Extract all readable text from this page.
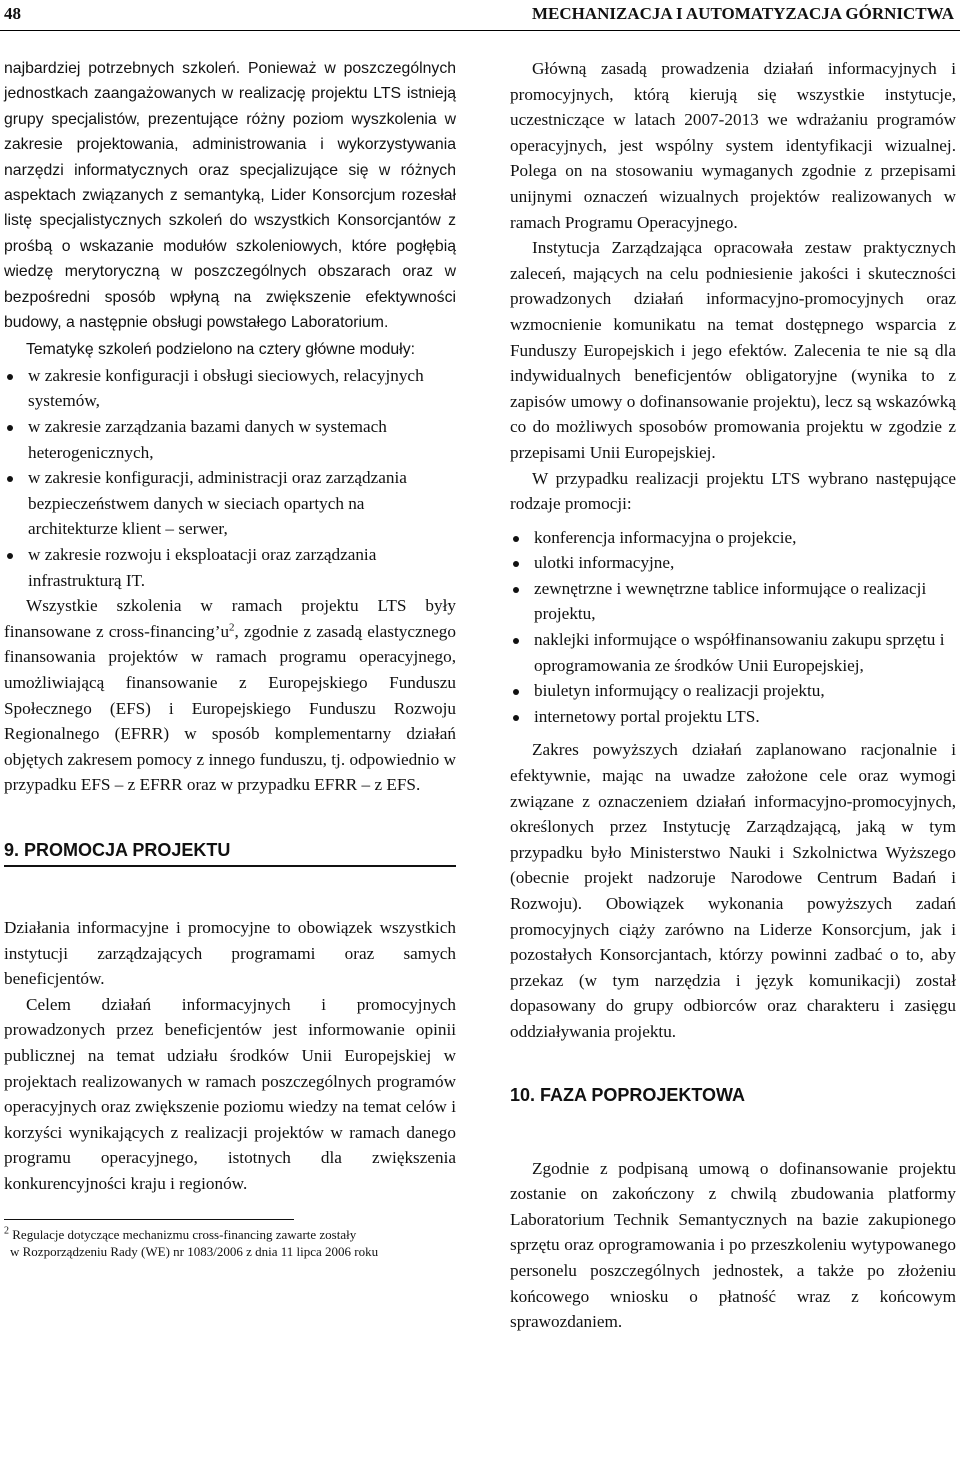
48	MECHANIZACJA I AUTOMATYZACJA GÓRNICTWA

najbardziej potrzebnych szkoleń. Ponieważ w poszczególnych jednostkach zaangażowanych w realizację projektu LTS istnieją grupy specjalistów, prezentujące różny poziom wyszkolenia w zakresie projektowania, administrowania i wykorzystywania narzędzi informatycznych oraz specjalizujące się w różnych aspektach związanych z semantyką, Lider Konsorcjum rozesłał listę specjalistycznych szkoleń do wszystkich Konsorcjantów z prośbą o wskazanie modułów szkoleniowych, które pogłębią wiedzę merytoryczną w poszczególnych obszarach oraz w bezpośredni sposób wpłyną na zwiększenie efektywności budowy, a następnie obsługi powstałego Laboratorium.

Tematykę szkoleń podzielono na cztery główne moduły:

w zakresie konfiguracji i obsługi sieciowych, relacyjnych systemów,
w zakresie zarządzania bazami danych w systemach heterogenicznych,
w zakresie konfiguracji, administracji oraz zarządzania bezpieczeństwem danych w sieciach opartych na architekturze klient – serwer,
w zakresie rozwoju i eksploatacji oraz zarządzania infrastrukturą IT.

Wszystkie szkolenia w ramach projektu LTS były finansowane z cross-$financing’u^2$, zgodnie z zasadą elastycznego finansowania projektów w ramach programu operacyjnego, umożliwiającą finansowanie z Europejskiego Funduszu Społecznego (EFS) i Europejskiego Funduszu Rozwoju Regionalnego (EFRR) w sposób komplementarny działań objętych zakresem pomocy z innego funduszu, tj. odpowiednio w przypadku EFS – z EFRR oraz w przypadku EFRR – z EFS.

9. PROMOCJA PROJEKTU

Działania informacyjne i promocyjne to obowiązek wszystkich instytucji zarządzających programami oraz samych beneficjentów.

Celem działań informacyjnych i promocyjnych prowadzonych przez beneficjentów jest informowanie opinii publicznej na temat udziału środków Unii Europejskiej w projektach realizowanych w ramach poszczególnych programów operacyjnych oraz zwiększenie poziomu wiedzy na temat celów i korzyści wynikających z realizacji projektów w ramach danego programu operacyjnego, istotnych dla zwiększenia konkurencyjności kraju i regionów.

$^2$ Regulacje dotyczące mechanizmu cross-financing zawarte zostały
w Rozporządzeniu Rady (WE) nr 1083/2006 z dnia 11 lipca 2006 roku

Główną zasadą prowadzenia działań informacyjnych i promocyjnych, którą kierują się wszystkie instytucje, uczestniczące w latach 2007-2013 we wdrażaniu programów operacyjnych, jest wspólny system identyfikacji wizualnej. Polega on na stosowaniu wymaganych zgodnie z przepisami unijnymi oznaczeń wizualnych projektów realizowanych w ramach Programu Operacyjnego.

Instytucja Zarządzająca opracowała zestaw praktycznych zaleceń, mających na celu podniesienie jakości i skuteczności prowadzonych działań informacyjno-promocyjnych oraz wzmocnienie komunikatu na temat dostępnego wsparcia z Funduszy Europejskich i jego efektów. Zalecenia te nie są dla indywidualnych beneficjentów obligatoryjne (wynika to z zapisów umowy o dofinansowanie projektu), lecz są wskazówką co do możliwych sposobów promowania projektu w zgodzie z przepisami Unii Europejskiej.

W przypadku realizacji projektu LTS wybrano następujące rodzaje promocji:

konferencja informacyjna o projekcie,
ulotki informacyjne,
zewnętrzne i wewnętrzne tablice informujące o realizacji projektu,
naklejki informujące o współfinansowaniu zakupu sprzętu i oprogramowania ze środków Unii Europejskiej,
biuletyn informujący o realizacji projektu,
internetowy portal projektu LTS.

Zakres powyższych działań zaplanowano racjonalnie i efektywnie, mając na uwadze założone cele oraz wymogi związane z oznaczeniem działań informacyjno-promocyjnych, określonych przez Instytucję Zarządzającą, jaką w tym przypadku było Ministerstwo Nauki i Szkolnictwa Wyższego (obecnie projekt nadzoruje Narodowe Centrum Badań i Rozwoju). Obowiązek wykonania powyższych zadań promocyjnych ciąży zarówno na Liderze Konsorcjum, jak i pozostałych Konsorcjantach, którzy powinni zadbać o to, aby przekaz (w tym narzędzia i język komunikacji) został dopasowany do grupy odbiorców oraz charakteru i zasięgu oddziaływania projektu.

10. FAZA POPROJEKTOWA

Zgodnie z podpisaną umową o dofinansowanie projektu zostanie on zakończony z chwilą zbudowania platformy Laboratorium Technik Semantycznych na bazie zakupionego sprzętu oraz oprogramowania i po przeszkoleniu wytypowanego personelu poszczególnych jednostek, a także po złożeniu końcowego wniosku o płatność wraz z końcowym sprawozdaniem.
